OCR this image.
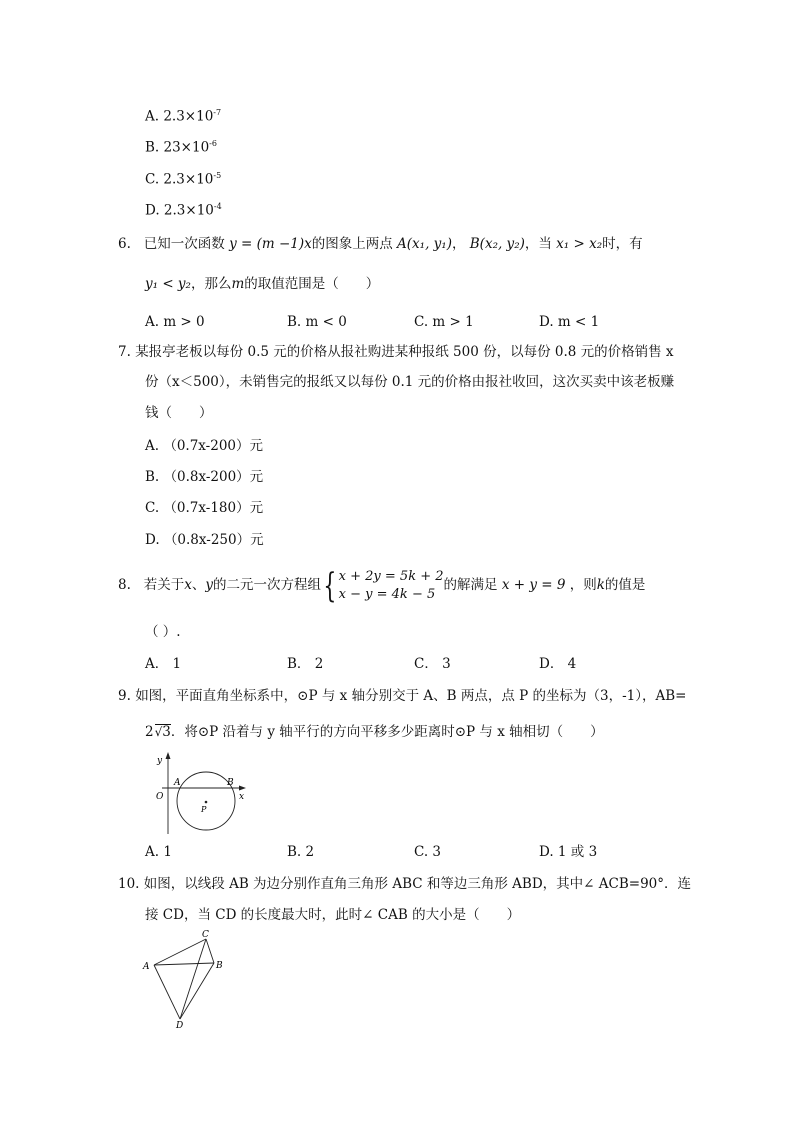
A. $2.3\times 10^{-7}$
B. $23\times 10^{-6}$
C. $2.3\times 10^{-5}$
D. $2.3\times 10^{-4}$
6. 已知一次函数 y = (m −1)x的图象上两点 A(x₁, y₁)， B(x₂, y₂)，当 x₁ > x₂时，有
y₁ < y₂，那么m的取值范围是（　　）
A. m > 0	B. m < 0	C. m > 1	D. m < 1
7. 某报亭老板以每份 0.5 元的价格从报社购进某种报纸 500 份，以每份 0.8 元的价格销售 x
份（x＜500），未销售完的报纸又以每份 0.1 元的价格由报社收回，这次买卖中该老板赚
钱（　　）
A. （0.7x-200）元
B. （0.8x-200）元
C. （0.7x-180）元
D. （0.8x-250）元
8. 若关于x、y的二元一次方程组{ x + 2y = 5k + 2
x − y = 4k − 5的解满足 x + y = 9 ，则k的值是
（ ）.
A． 1	B． 2	C． 3	D． 4
9. 如图，平面直角坐标系中，⊙P 与 x 轴分别交于 A、B 两点，点 P 的坐标为（3，-1），AB=
2√3．将⊙P 沿着与 y 轴平行的方向平移多少距离时⊙P 与 x 轴相切（　　）
y
x
O
A	B
P
A. 1	B. 2	C. 3	D. 1 或 3
10. 如图，以线段 AB 为边分别作直角三角形 ABC 和等边三角形 ABD，其中∠ ACB=90°．连
接 CD，当 CD 的长度最大时，此时∠ CAB 的大小是（　　）
A	B
C
D
